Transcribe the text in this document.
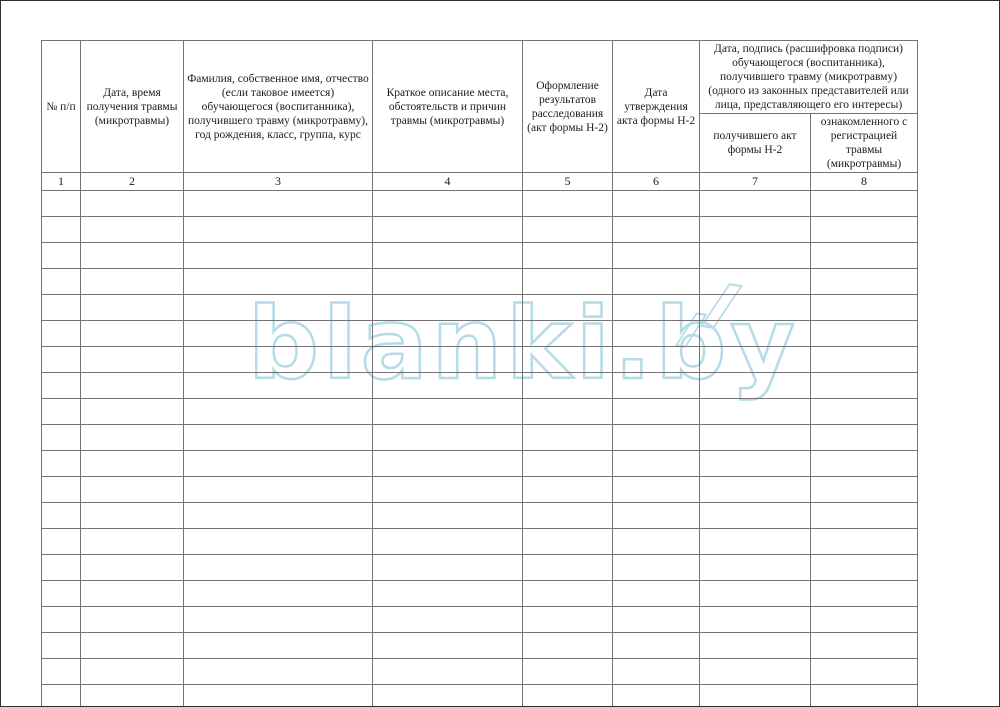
blanki.by
№ п/п	Дата, время получения травмы (микротравмы)	Фамилия, собственное имя, отчество (если таковое имеется) обучающегося (воспитанника), получившего травму (микротравму), год рождения, класс, группа, курс	Краткое описание места, обстоятельств и причин травмы (микротравмы)	Оформление результатов расследования (акт формы Н-2)	Дата утверждения акта формы Н-2	Дата, подпись (расшифровка подписи) обучающегося (воспитанника), получившего травму (микротравму) (одного из законных представителей или лица, представляющего его интересы)	
						получившего акт формы Н-2	ознакомленного с регистрацией травмы (микротравмы)
1	2	3	4	5	6	7	8
